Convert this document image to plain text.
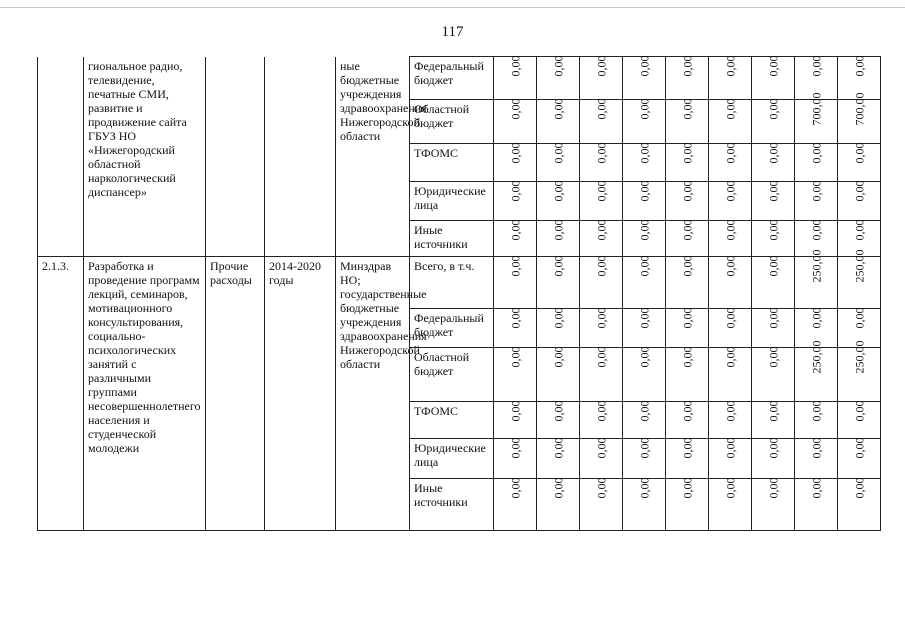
117
	гиональное радио, телевидение, печатные СМИ, развитие и продвижение сайта ГБУЗ НО «Нижегородский областной наркологический диспансер»			ные бюджетные учреждения здравоохранения Нижегородской области	Федеральный бюджет	0,00	0,00	0,00	0,00	0,00	0,00	0,00	0,00	0,00
					Областной бюджет	0,00	0,00	0,00	0,00	0,00	0,00	0,00	700,00	700,00
					ТФОМС	0,00	0,00	0,00	0,00	0,00	0,00	0,00	0,00	0,00
					Юридические лица	0,00	0,00	0,00	0,00	0,00	0,00	0,00	0,00	0,00
					Иные источники	0,00	0,00	0,00	0,00	0,00	0,00	0,00	0,00	0,00
2.1.3.	Разработка и проведение программ лекций, семинаров, мотивационного консультирования, социально-психологических занятий с различными группами несовершеннолетнего населения и студенческой молодежи	Прочие расходы	2014-2020 годы	Минздрав НО; государственные бюджетные учреждения здравоохранения Нижегородской области	Всего, в т.ч.	0,00	0,00	0,00	0,00	0,00	0,00	0,00	250,00	250,00
					Федеральный бюджет	0,00	0,00	0,00	0,00	0,00	0,00	0,00	0,00	0,00
					Областной бюджет	0,00	0,00	0,00	0,00	0,00	0,00	0,00	250,00	250,00
					ТФОМС	0,00	0,00	0,00	0,00	0,00	0,00	0,00	0,00	0,00
					Юридические лица	0,00	0,00	0,00	0,00	0,00	0,00	0,00	0,00	0,00
					Иные источники	0,00	0,00	0,00	0,00	0,00	0,00	0,00	0,00	0,00
